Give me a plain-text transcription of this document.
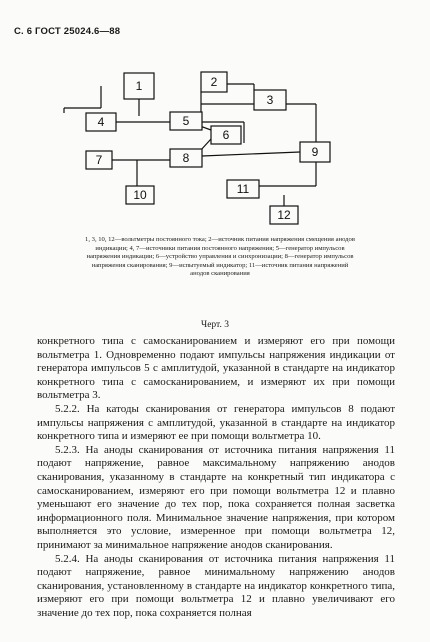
С. 6 ГОСТ 25024.6—88
1	2
3
4	5
6
7	8	9
10	11
12
1, 3, 10, 12—вольтметры постоянного тока; 2—источник питания напряжения смещения анодов индикации; 4, 7—источники питания постоянного напряжения; 5—генератор импульсов напряжения индикации; 6—устройство управления и синхронизации; 8—генератор импульсов напряжения сканирования; 9—испытуемый индикатор; 11—источник питания напряжений анодов сканирования
Черт. 3

конкретного типа с самосканированием и измеряют его при помощи вольтметра 1. Одновременно подают импульсы напряжения индикации от генератора импульсов 5 с амплитудой, указанной в стандарте на индикатор конкретного типа с самосканированием, и измеряют их при помощи вольтметра 3.

5.2.2. На катоды сканирования от генератора импульсов 8 подают импульсы напряжения с амплитудой, указанной в стандарте на индикатор конкретного типа и измеряют ее при помощи вольтметра 10.

5.2.3. На аноды сканирования от источника питания напряжения 11 подают напряжение, равное максимальному напряжению анодов сканирования, указанному в стандарте на конкретный тип индикатора с самосканированием, измеряют его при помощи вольтметра 12 и плавно уменьшают его значение до тех пор, пока сохраняется полная засветка информационного поля. Минимальное значение напряжения, при котором выполняется это условие, измеренное при помощи вольтметра 12, принимают за минимальное напряжение анодов сканирования.

5.2.4. На аноды сканирования от источника питания напряжения 11 подают напряжение, равное минимальному напряжению анодов сканирования, установленному в стандарте на индикатор конкретного типа, измеряют его при помощи вольтметра 12 и плавно увеличивают его значение до тех пор, пока сохраняется полная
